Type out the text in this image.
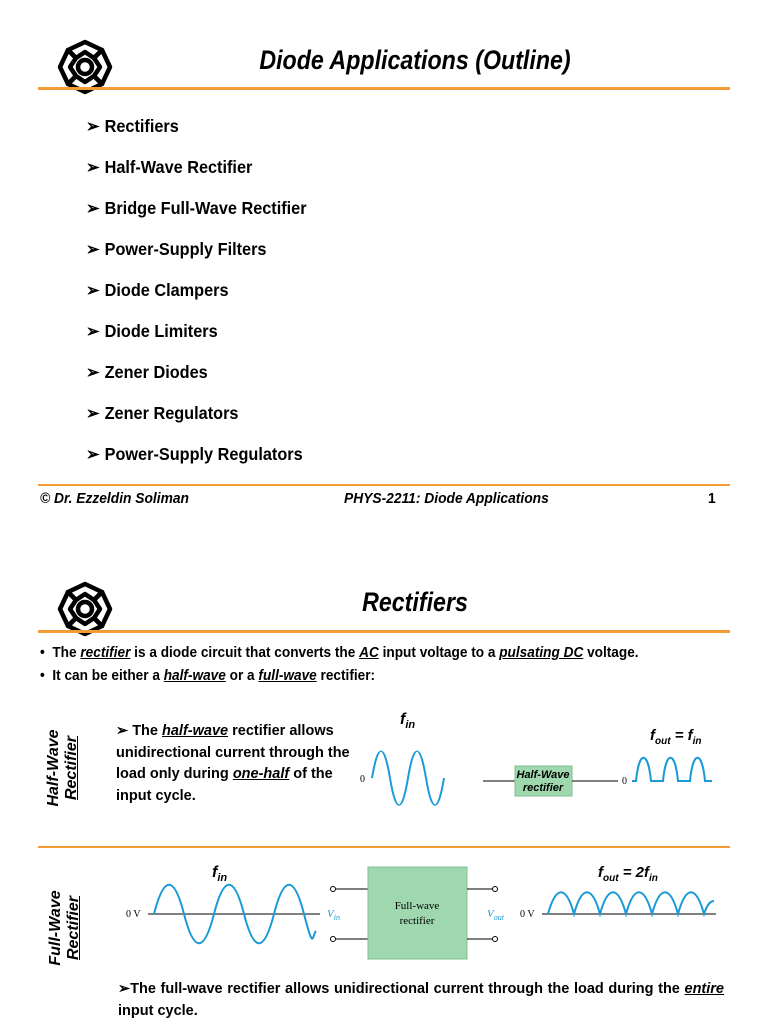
Diode Applications (Outline)
➢ Rectifiers
➢ Half-Wave Rectifier
➢ Bridge Full-Wave Rectifier
➢ Power-Supply Filters
➢ Diode Clampers
➢ Diode Limiters
➢ Zener Diodes
➢ Zener Regulators
➢ Power-Supply Regulators
© Dr. Ezzeldin Soliman	PHYS-2211: Diode Applications	1
Rectifiers
•  The rectifier is a diode circuit that converts the AC input voltage to a pulsating DC voltage.
•  It can be either a half-wave or a full-wave rectifier:
Half-Wave Rectifier
➢ The half-wave rectifier allows unidirectional current through the load only during one-half of the input cycle.
$f_{in}$
0	Half-Wave
rectifier
0
$f_{out} = f_{in}$
Full-Wave Rectifier
$f_{in}$
0 V	$V_{in}$
Full-wave
rectifier
$V_{out}$ 0 V
$f_{out} = 2f_{in}$
➢The full-wave rectifier allows unidirectional current through the load during the entire input cycle.
